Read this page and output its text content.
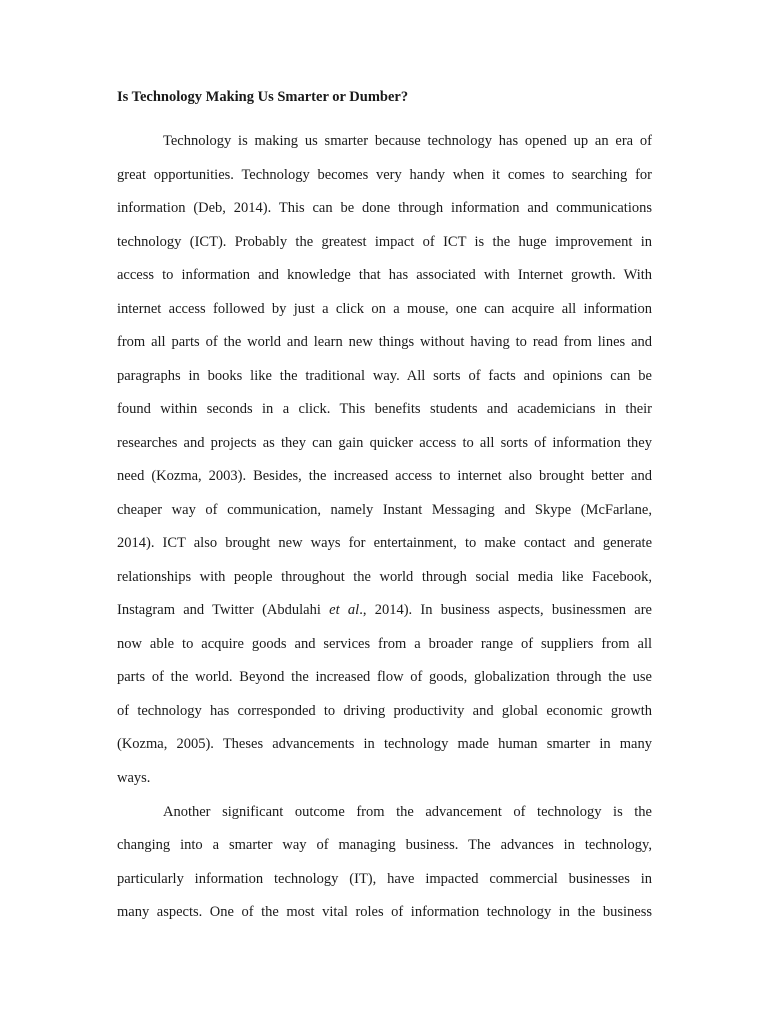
Is Technology Making Us Smarter or Dumber?

Technology is making us smarter because technology has opened up an era of

great opportunities. Technology becomes very handy when it comes to searching for

information (Deb, 2014). This can be done through information and communications

technology (ICT). Probably the greatest impact of ICT is the huge improvement in

access to information and knowledge that has associated with Internet growth. With

internet access followed by just a click on a mouse, one can acquire all information

from all parts of the world and learn new things without having to read from lines and

paragraphs in books like the traditional way. All sorts of facts and opinions can be

found within seconds in a click. This benefits students and academicians in their

researches and projects as they can gain quicker access to all sorts of information they

need (Kozma, 2003). Besides, the increased access to internet also brought better and

cheaper way of communication, namely Instant Messaging and Skype (McFarlane,

2014). ICT also brought new ways for entertainment, to make contact and generate

relationships with people throughout the world through social media like Facebook,

Instagram and Twitter (Abdulahi et al., 2014). In business aspects, businessmen are

now able to acquire goods and services from a broader range of suppliers from all

parts of the world. Beyond the increased flow of goods, globalization through the use

of technology has corresponded to driving productivity and global economic growth

(Kozma, 2005). Theses advancements in technology made human smarter in many

ways.

Another significant outcome from the advancement of technology is the

changing into a smarter way of managing business. The advances in technology,

particularly information technology (IT), have impacted commercial businesses in

many aspects. One of the most vital roles of information technology in the business
